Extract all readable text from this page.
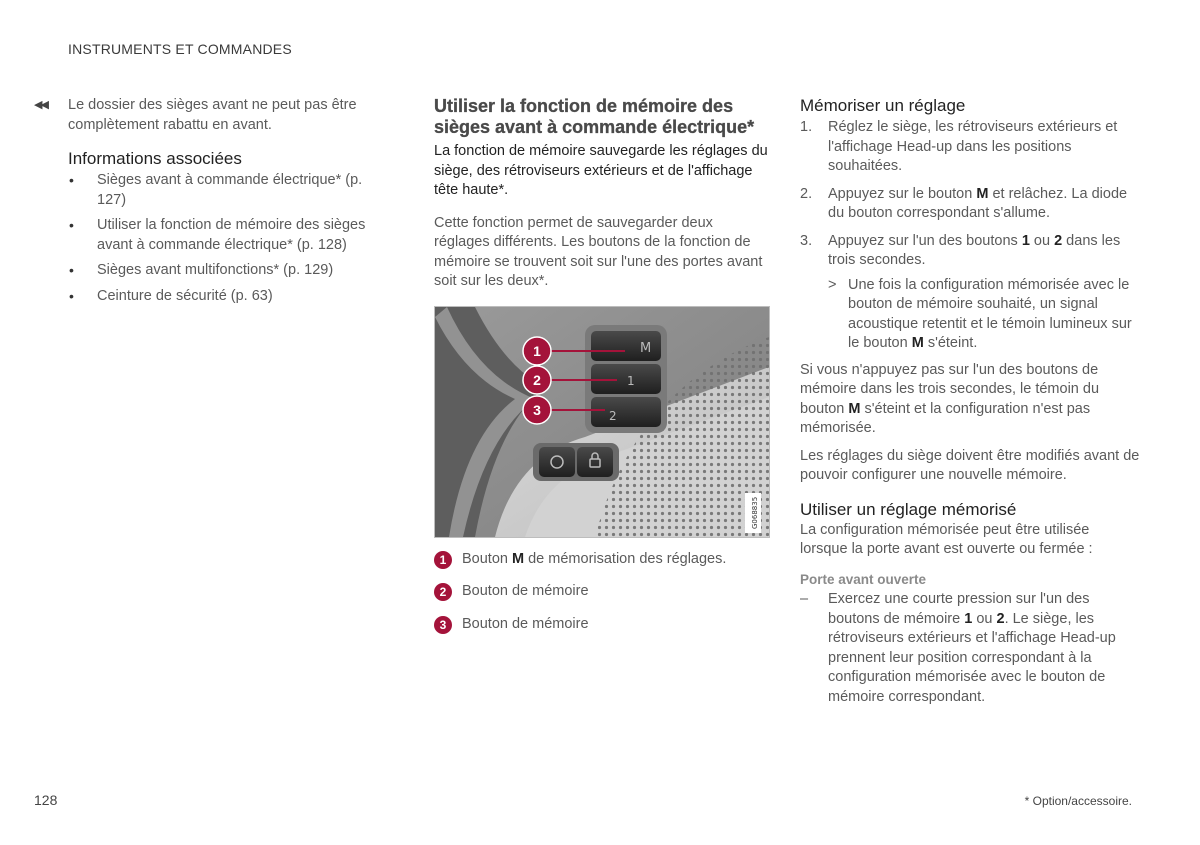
INSTRUMENTS ET COMMANDES
◀◀	Le dossier des sièges avant ne peut pas être complètement rabattu en avant.

Informations associées
• Sièges avant à commande électrique* (p. 127)
• Utiliser la fonction de mémoire des sièges avant à commande électrique* (p. 128)
• Sièges avant multifonctions* (p. 129)
• Ceinture de sécurité (p. 63)
Utiliser la fonction de mémoire des sièges avant à commande électrique*

La fonction de mémoire sauvegarde les réglages du siège, des rétroviseurs extérieurs et de l'affichage tête haute*.

Cette fonction permet de sauvegarder deux réglages différents. Les boutons de la fonction de mémoire se trouvent soit sur l'une des portes avant soit sur les deux*.

M
1
2
1
2
3
G068835
1	Bouton M de mémorisation des réglages.

2	Bouton de mémoire

3	Bouton de mémoire

Mémoriser un réglage
1. Réglez le siège, les rétroviseurs extérieurs et l'affichage Head-up dans les positions souhaitées.
2. Appuyez sur le bouton M et relâchez. La diode du bouton correspondant s'allume.
3. Appuyez sur l'un des boutons 1 ou 2 dans les trois secondes.
> Une fois la configuration mémorisée avec le bouton de mémoire souhaité, un signal acoustique retentit et le témoin lumineux sur le bouton M s'éteint.

Si vous n'appuyez pas sur l'un des boutons de mémoire dans les trois secondes, le témoin du bouton M s'éteint et la configuration n'est pas mémorisée.

Les réglages du siège doivent être modifiés avant de pouvoir configurer une nouvelle mémoire.

Utiliser un réglage mémorisé

La configuration mémorisée peut être utilisée lorsque la porte avant est ouverte ou fermée :

Porte avant ouverte

– Exercez une courte pression sur l'un des boutons de mémoire 1 ou 2. Le siège, les rétroviseurs extérieurs et l'affichage Head-up prennent leur position correspondant à la configuration mémorisée avec le bouton de mémoire correspondant.

128	* Option/accessoire.
